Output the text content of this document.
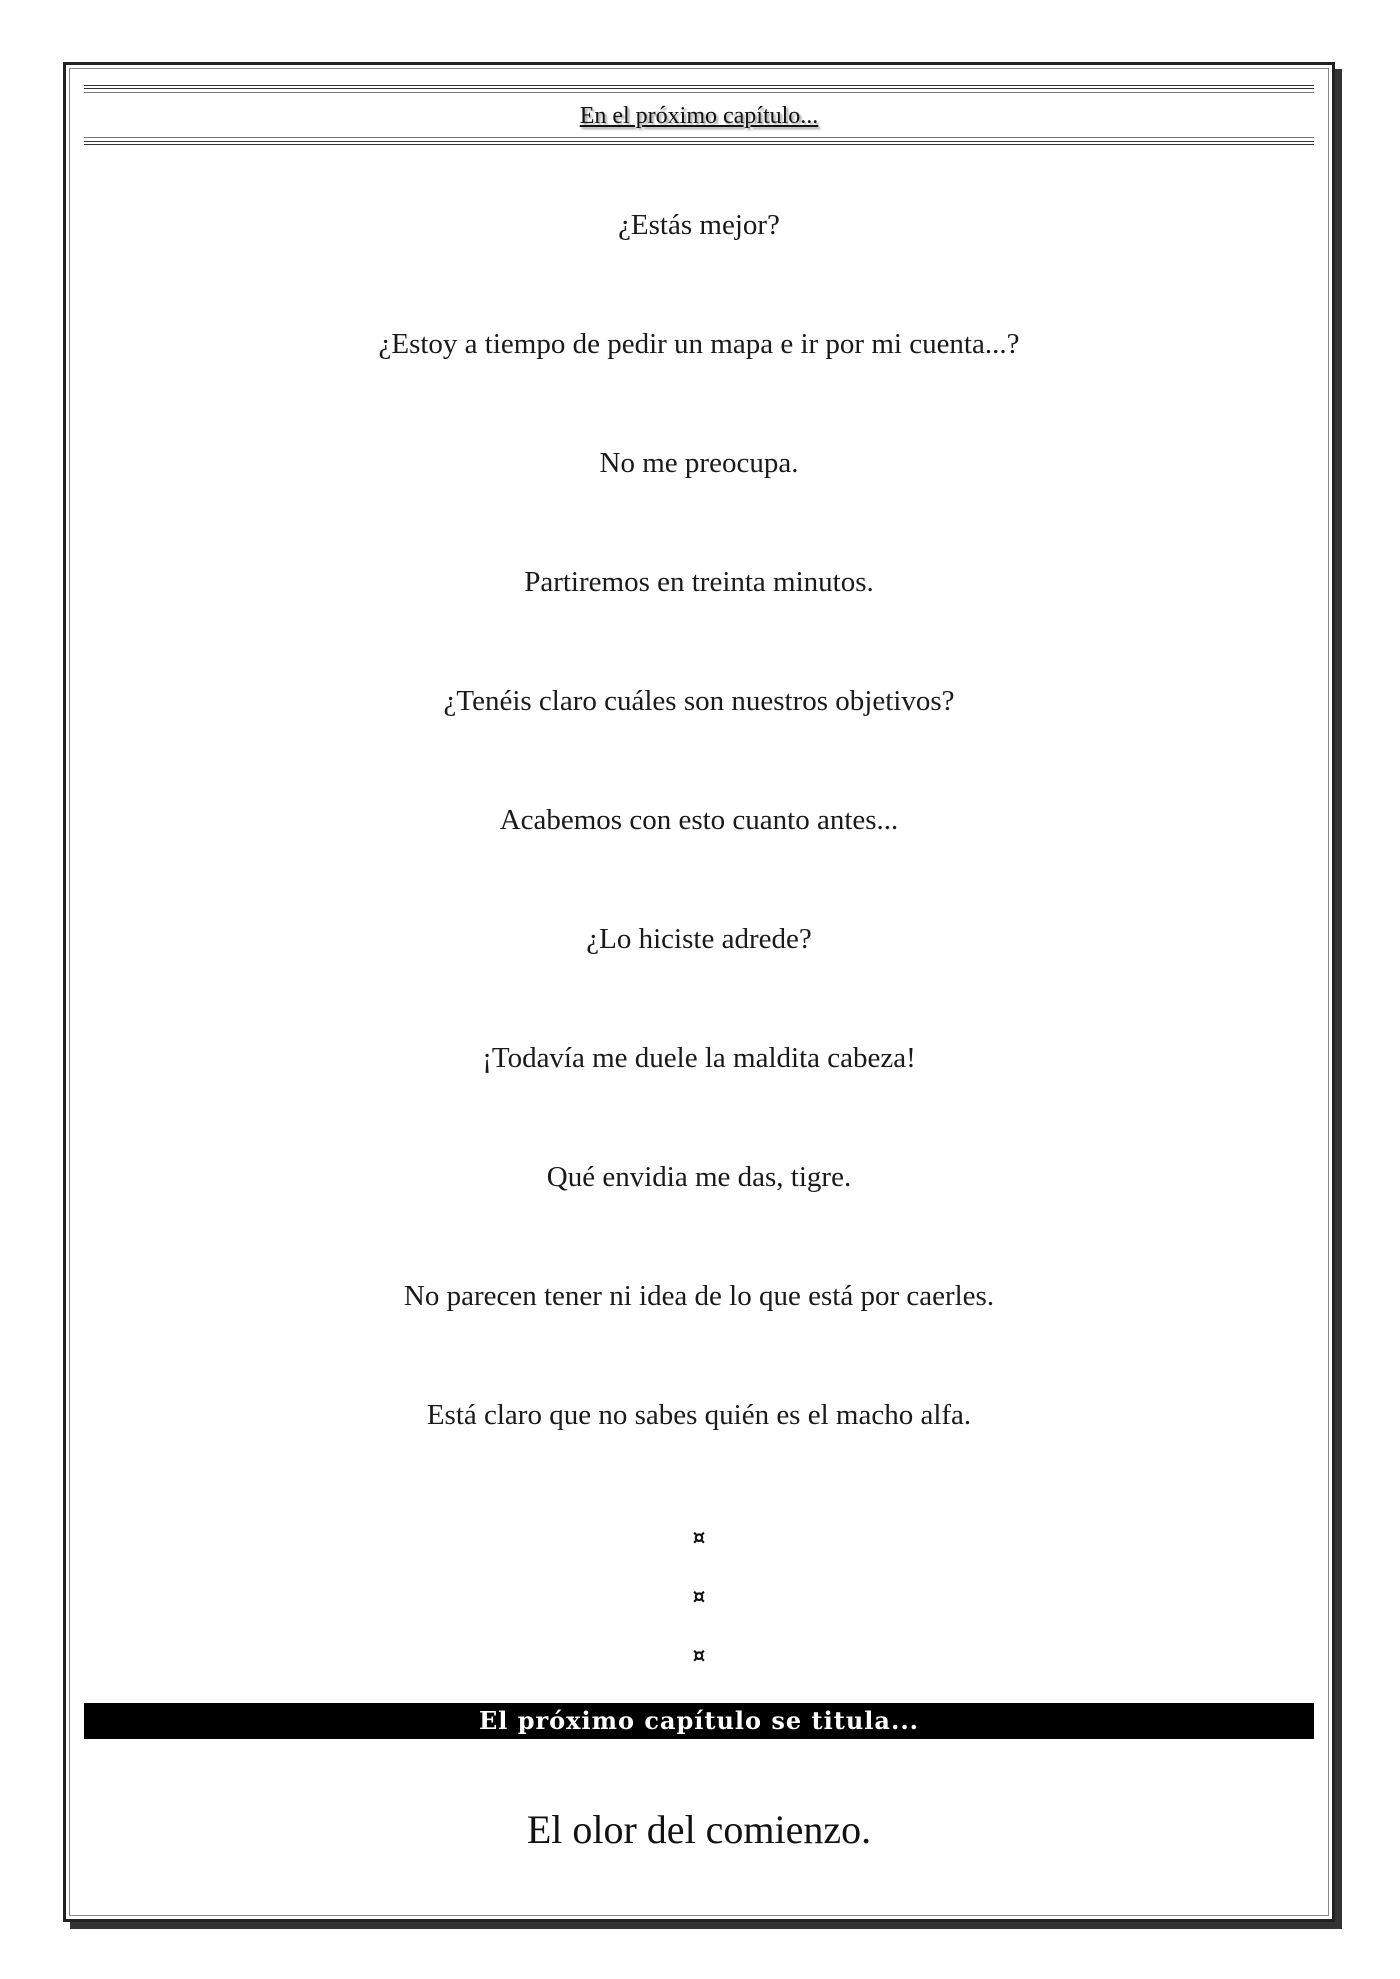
En el próximo capítulo...
¿Estás mejor?
¿Estoy a tiempo de pedir un mapa e ir por mi cuenta...?
No me preocupa.
Partiremos en treinta minutos.
¿Tenéis claro cuáles son nuestros objetivos?
Acabemos con esto cuanto antes...
¿Lo hiciste adrede?
¡Todavía me duele la maldita cabeza!
Qué envidia me das, tigre.
No parecen tener ni idea de lo que está por caerles.
Está claro que no sabes quién es el macho alfa.
¤
¤
¤
El próximo capítulo se titula...
El olor del comienzo.
